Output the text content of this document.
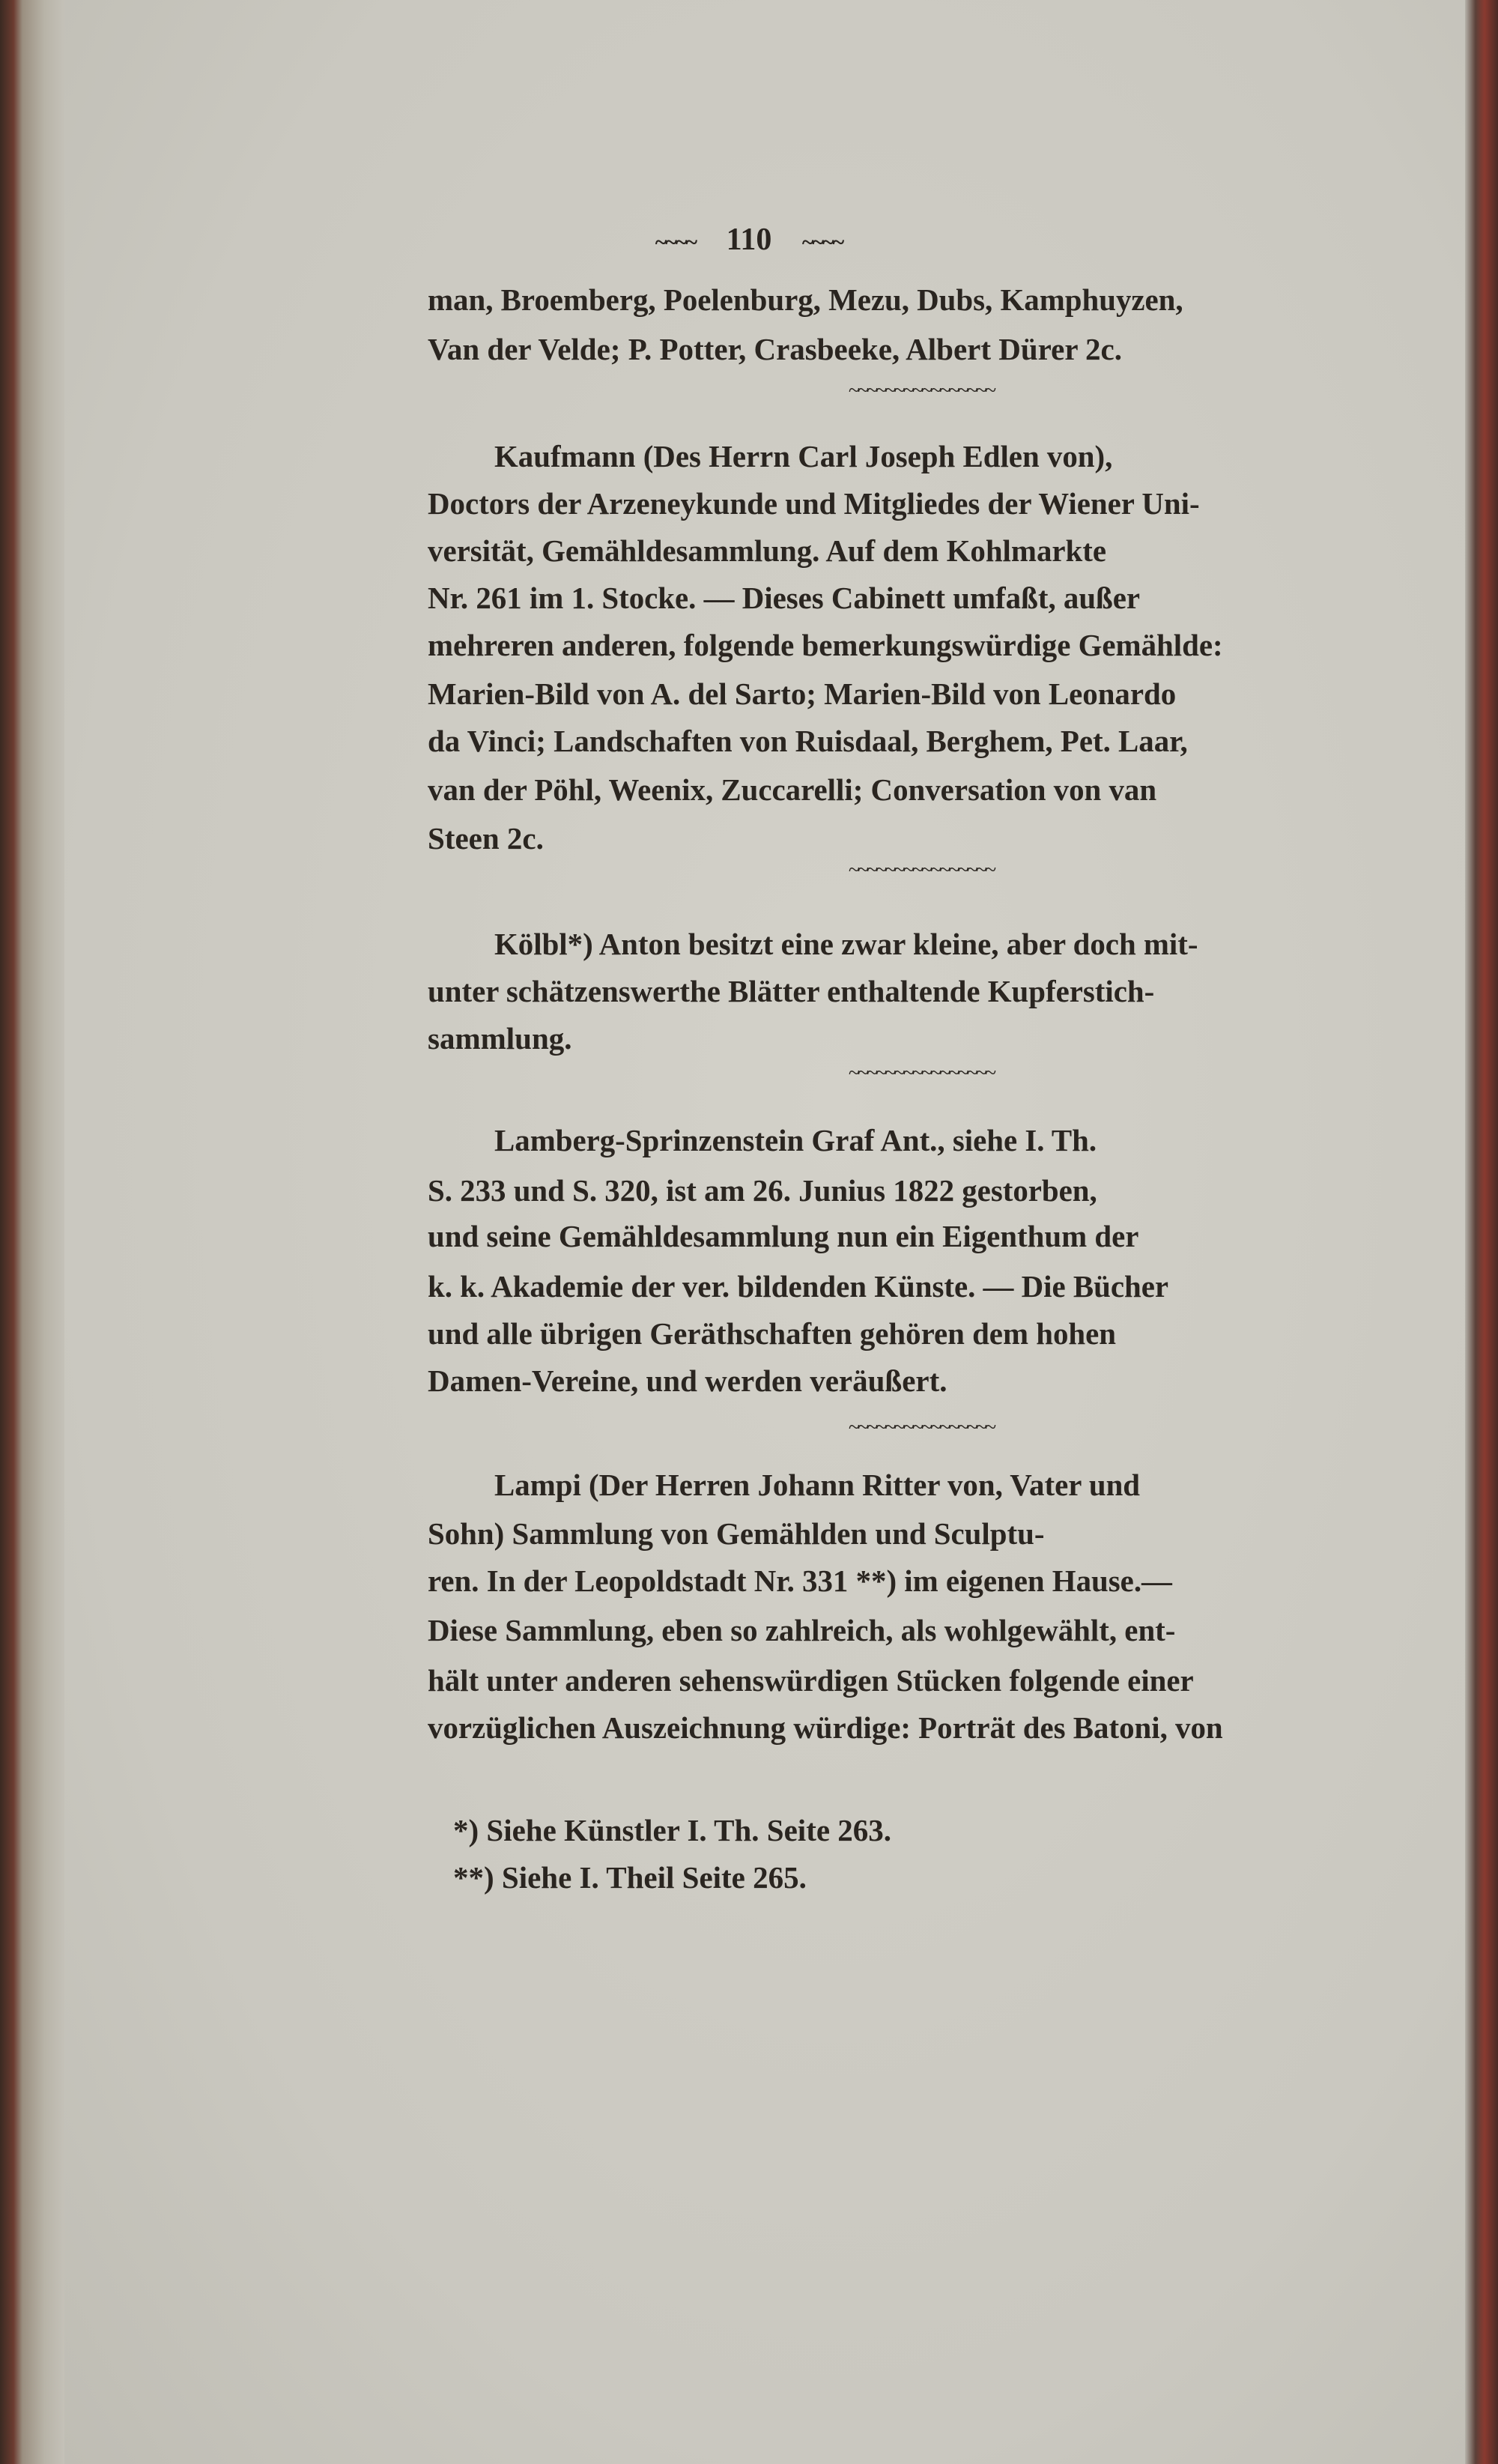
~~~~ 110 ~~~~
man, Broemberg, Poelenburg, Mezu, Dubs, Kamphuyzen,
Van der Velde; P. Potter, Crasbeeke, Albert Dürer 2c.
Kaufmann (Des Herrn Carl Joseph Edlen von),
Doctors der Arzeneykunde und Mitgliedes der Wiener Uni-
versität, Gemähldesammlung. Auf dem Kohlmarkte
Nr. 261 im 1. Stocke. — Dieses Cabinett umfaßt, außer
mehreren anderen, folgende bemerkungswürdige Gemählde:
Marien-Bild von A. del Sarto; Marien-Bild von Leonardo
da Vinci; Landschaften von Ruisdaal, Berghem, Pet. Laar,
van der Pöhl, Weenix, Zuccarelli; Conversation von van
Steen 2c.
Kölbl*) Anton besitzt eine zwar kleine, aber doch mit-
unter schätzenswerthe Blätter enthaltende Kupferstich-
sammlung.
Lamberg-Sprinzenstein Graf Ant., siehe I. Th.
S. 233 und S. 320, ist am 26. Junius 1822 gestorben,
und seine Gemähldesammlung nun ein Eigenthum der
k. k. Akademie der ver. bildenden Künste. — Die Bücher
und alle übrigen Geräthschaften gehören dem hohen
Damen-Vereine, und werden veräußert.
Lampi (Der Herren Johann Ritter von, Vater und
Sohn) Sammlung von Gemählden und Sculptu-
ren. In der Leopoldstadt Nr. 331 **) im eigenen Hause.—
Diese Sammlung, eben so zahlreich, als wohlgewählt, ent-
hält unter anderen sehenswürdigen Stücken folgende einer
vorzüglichen Auszeichnung würdige: Porträt des Batoni, von
~~~~~~~~~~~~~~~~
~~~~~~~~~~~~~~~~
~~~~~~~~~~~~~~~~
~~~~~~~~~~~~~~~~
*) Siehe Künstler I. Th. Seite 263.
**) Siehe I. Theil Seite 265.
